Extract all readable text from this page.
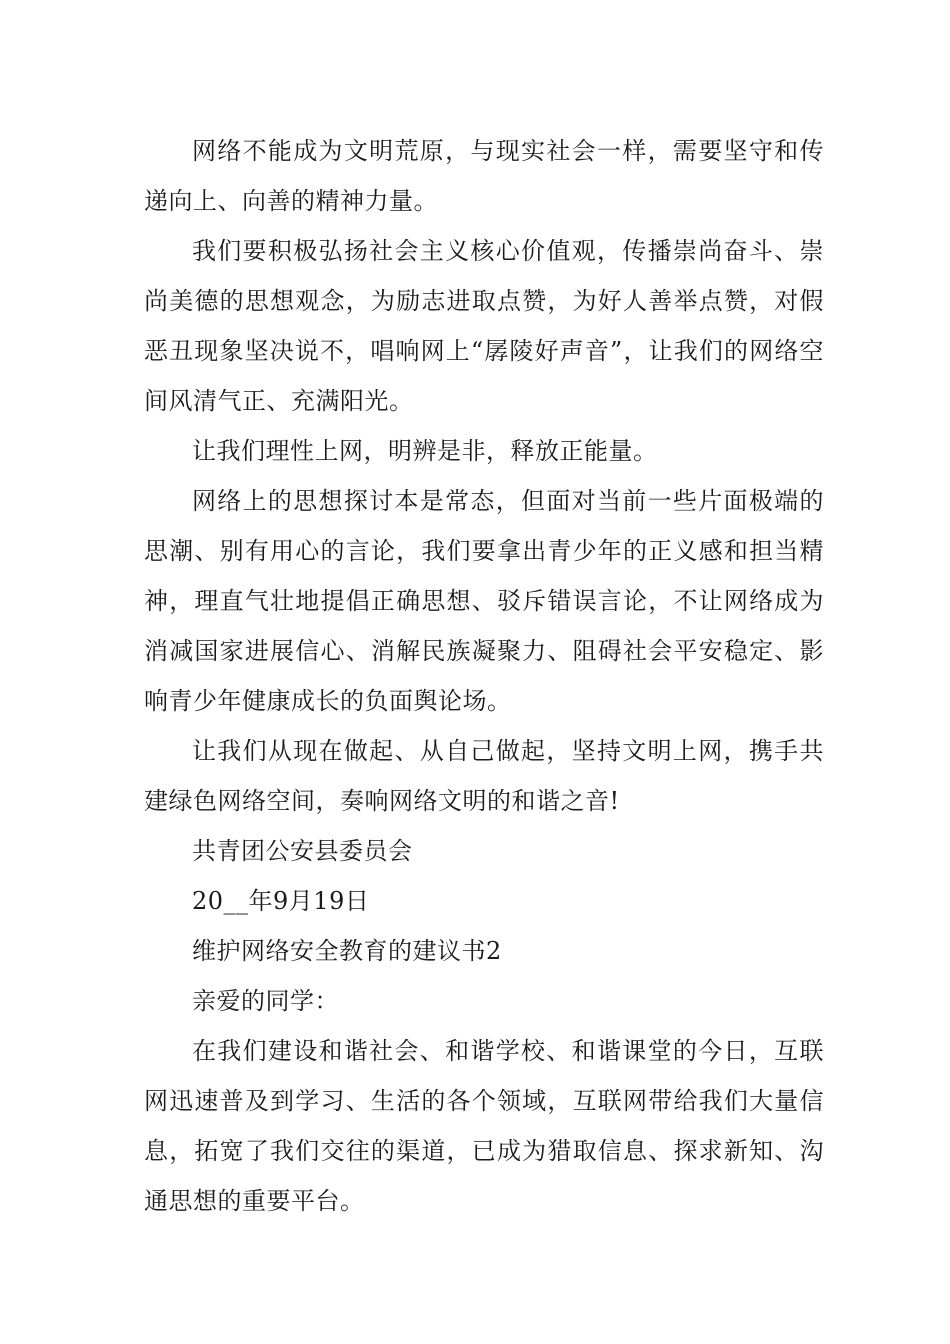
网络不能成为文明荒原，与现实社会一样，需要坚守和传递向上、向善的精神力量。

我们要积极弘扬社会主义核心价值观，传播崇尚奋斗、崇尚美德的思想观念，为励志进取点赞，为好人善举点赞，对假恶丑现象坚决说不，唱响网上“孱陵好声音”，让我们的网络空间风清气正、充满阳光。

让我们理性上网，明辨是非，释放正能量。

网络上的思想探讨本是常态，但面对当前一些片面极端的思潮、别有用心的言论，我们要拿出青少年的正义感和担当精神，理直气壮地提倡正确思想、驳斥错误言论，不让网络成为消减国家进展信心、消解民族凝聚力、阻碍社会平安稳定、影响青少年健康成长的负面舆论场。

让我们从现在做起、从自己做起，坚持文明上网，携手共建绿色网络空间，奏响网络文明的和谐之音!

共青团公安县委员会

20__年9月19日

维护网络安全教育的建议书2

亲爱的同学：

在我们建设和谐社会、和谐学校、和谐课堂的今日，互联网迅速普及到学习、生活的各个领域，互联网带给我们大量信息，拓宽了我们交往的渠道，已成为猎取信息、探求新知、沟通思想的重要平台。
